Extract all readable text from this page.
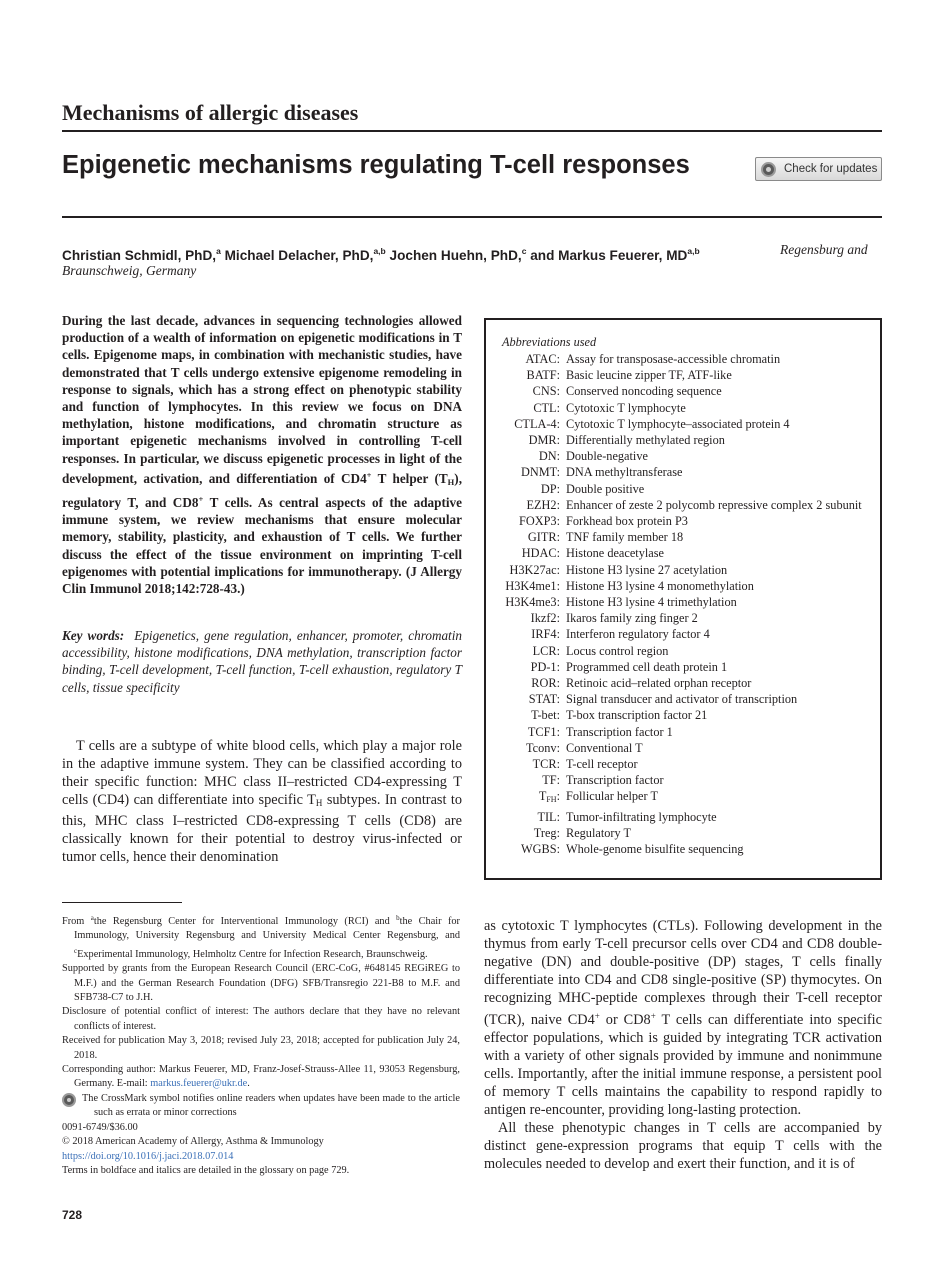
Mechanisms of allergic diseases
Epigenetic mechanisms regulating T-cell responses	Check for updates
Christian Schmidl, PhD,$^a$ Michael Delacher, PhD,$^{a,b}$ Jochen Huehn, PhD,$^c$ and Markus Feuerer, MD$^{a,b}$	Regensburg and
Braunschweig, Germany
During the last decade, advances in sequencing technologies allowed production of a wealth of information on epigenetic modifications in T cells. Epigenome maps, in combination with mechanistic studies, have demonstrated that T cells undergo extensive epigenome remodeling in response to signals, which has a strong effect on phenotypic stability and function of lymphocytes. In this review we focus on DNA methylation, histone modifications, and chromatin structure as important epigenetic mechanisms involved in controlling T-cell responses. In particular, we discuss epigenetic processes in light of the development, activation, and differentiation of CD4+ T helper $(T_H)$, regulatory T, and CD8+ T cells. As central aspects of the adaptive immune system, we review mechanisms that ensure molecular memory, stability, plasticity, and exhaustion of T cells. We further discuss the effect of the tissue environment on imprinting T-cell epigenomes with potential implications for immunotherapy. (J Allergy Clin Immunol 2018;142:728-43.)
Key words: Epigenetics, gene regulation, enhancer, promoter, chromatin accessibility, histone modifications, DNA methylation, transcription factor binding, T-cell development, T-cell function, T-cell exhaustion, regulatory T cells, tissue specificity

T cells are a subtype of white blood cells, which play a major role in the adaptive immune system. They can be classified according to their specific function: MHC class II–restricted CD4-expressing T cells (CD4) can differentiate into specific $T_H$ subtypes. In contrast to this, MHC class I–restricted CD8-expressing T cells (CD8) are classically known for their potential to destroy virus-infected or tumor cells, hence their denomination

Abbreviations used
ATAC: Assay for transposase-accessible chromatin
BATF: Basic leucine zipper TF, ATF-like
CNS: Conserved noncoding sequence
CTL: Cytotoxic T lymphocyte
CTLA-4: Cytotoxic T lymphocyte–associated protein 4
DMR: Differentially methylated region
DN: Double-negative
DNMT: DNA methyltransferase
DP: Double positive
EZH2: Enhancer of zeste 2 polycomb repressive complex 2 subunit
FOXP3: Forkhead box protein P3
GITR: TNF family member 18
HDAC: Histone deacetylase
H3K27ac: Histone H3 lysine 27 acetylation
H3K4me1: Histone H3 lysine 4 monomethylation
H3K4me3: Histone H3 lysine 4 trimethylation
Ikzf2: Ikaros family zing finger 2
IRF4: Interferon regulatory factor 4
LCR: Locus control region
PD-1: Programmed cell death protein 1
ROR: Retinoic acid–related orphan receptor
STAT: Signal transducer and activator of transcription
T-bet: T-box transcription factor 21
TCF1: Transcription factor 1
Tconv: Conventional T
TCR: T-cell receptor
TF: Transcription factor
$T_{FH}$: Follicular helper T
TIL: Tumor-infiltrating lymphocyte
Treg: Regulatory T
WGBS: Whole-genome bisulfite sequencing
From $^a$the Regensburg Center for Interventional Immunology (RCI) and $^b$the Chair for Immunology, University Regensburg and University Medical Center Regensburg, and $^c$Experimental Immunology, Helmholtz Centre for Infection Research, Braunschweig.
Supported by grants from the European Research Council (ERC-CoG, #648145 REGiREG to M.F.) and the German Research Foundation (DFG) SFB/Transregio 221-B8 to M.F. and SFB738-C7 to J.H.
Disclosure of potential conflict of interest: The authors declare that they have no relevant conflicts of interest.
Received for publication May 3, 2018; revised July 23, 2018; accepted for publication July 24, 2018.
Corresponding author: Markus Feuerer, MD, Franz-Josef-Strauss-Allee 11, 93053 Regensburg, Germany. E-mail: markus.feuerer@ukr.de.
The CrossMark symbol notifies online readers when updates have been made to the article such as errata or minor corrections
0091-6749/$36.00
© 2018 American Academy of Allergy, Asthma & Immunology
https://doi.org/10.1016/j.jaci.2018.07.014
Terms in boldface and italics are detailed in the glossary on page 729.

as cytotoxic T lymphocytes (CTLs). Following development in the thymus from early T-cell precursor cells over CD4 and CD8 double-negative (DN) and double-positive (DP) stages, T cells finally differentiate into CD4 and CD8 single-positive (SP) thymocytes. On recognizing MHC-peptide complexes through their T-cell receptor (TCR), naive CD4+ or CD8+ T cells can differentiate into specific effector populations, which is guided by integrating TCR activation with a variety of other signals provided by immune and nonimmune cells. Importantly, after the initial immune response, a persistent pool of memory T cells maintains the capability to respond rapidly to antigen re-encounter, providing long-lasting protection.

All these phenotypic changes in T cells are accompanied by distinct gene-expression programs that equip T cells with the molecules needed to develop and exert their function, and it is of

728
